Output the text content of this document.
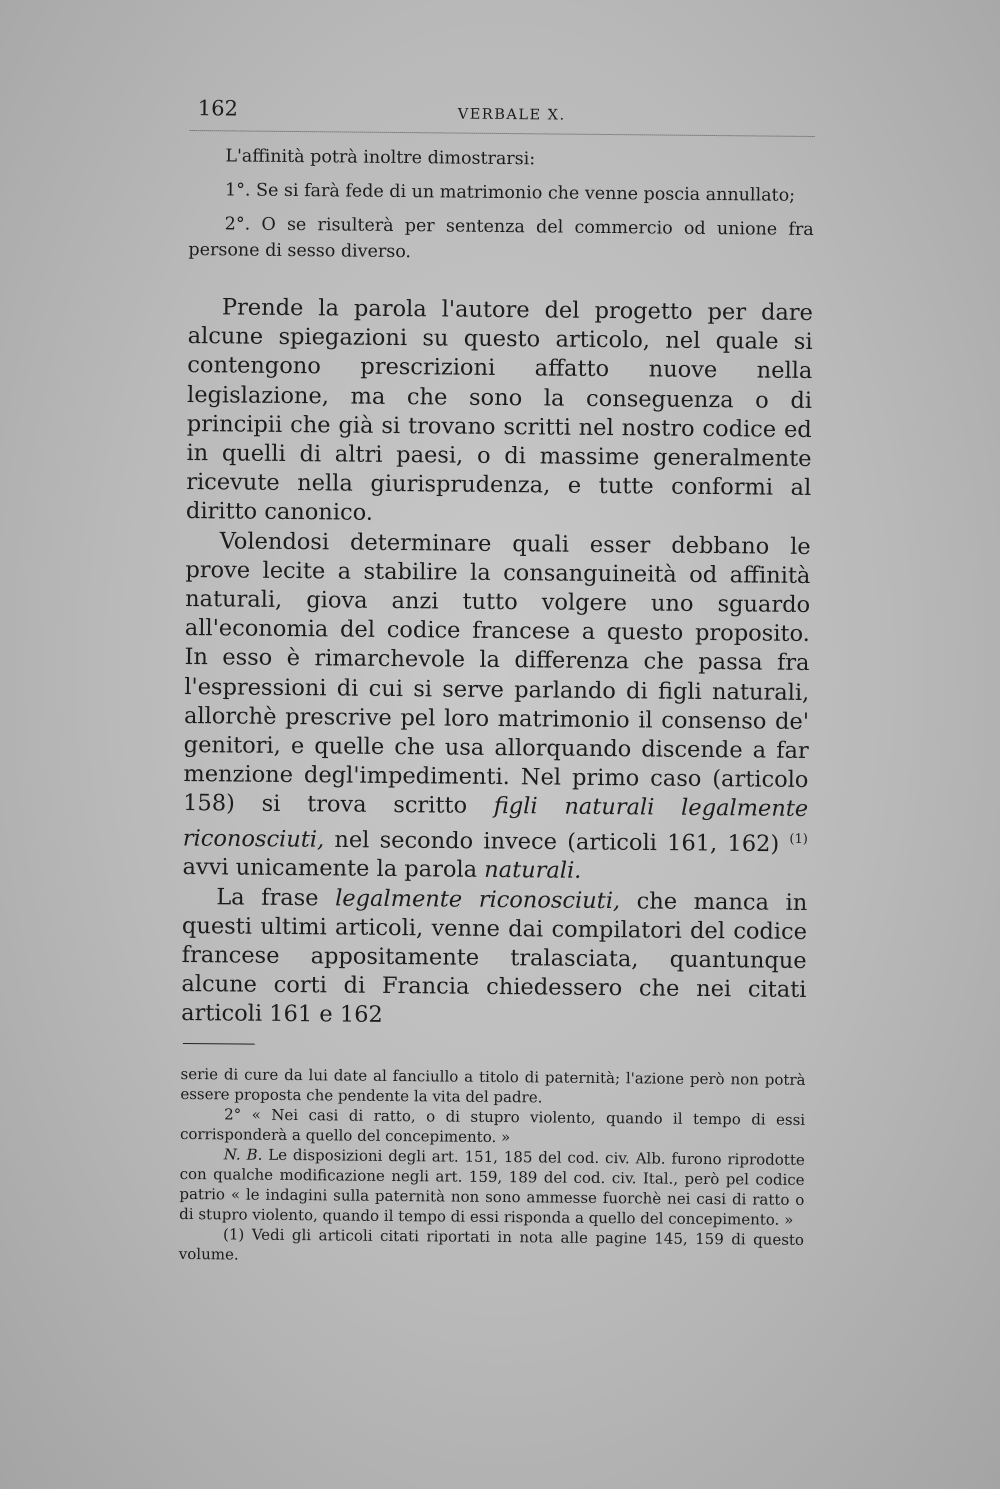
162	VERBALE X.

L'affinità potrà inoltre dimostrarsi:

1°. Se si farà fede di un matrimonio che venne poscia annullato;

2°. O se risulterà per sentenza del commercio od unione fra persone di sesso diverso.

Prende la parola l'autore del progetto per dare alcune spiegazioni su questo articolo, nel quale si contengono prescrizioni affatto nuove nella legislazione, ma che sono la conseguenza o di principii che già si trovano scritti nel nostro codice ed in quelli di altri paesi, o di massime generalmente ricevute nella giurisprudenza, e tutte conformi al diritto canonico.

Volendosi determinare quali esser debbano le prove lecite a stabilire la consanguineità od affinità naturali, giova anzi tutto volgere uno sguardo all'economia del codice francese a questo proposito. In esso è rimarchevole la differenza che passa fra l'espressioni di cui si serve parlando di figli naturali, allorchè prescrive pel loro matrimonio il consenso de' genitori, e quelle che usa allorquando discende a far menzione degl'impedimenti. Nel primo caso (articolo 158) si trova scritto figli naturali legalmente riconosciuti, nel secondo invece (articoli 161, 162) $^{(1)}$ avvi unicamente la parola naturali.

La frase legalmente riconosciuti, che manca in questi ultimi articoli, venne dai compilatori del codice francese appositamente tralasciata, quantunque alcune corti di Francia chiedessero che nei citati articoli 161 e 162

serie di cure da lui date al fanciullo a titolo di paternità; l'azione però non potrà essere proposta che pendente la vita del padre.

2° « Nei casi di ratto, o di stupro violento, quando il tempo di essi corrisponderà a quello del concepimento. »

N. B. Le disposizioni degli art. 151, 185 del cod. civ. Alb. furono riprodotte con qualche modificazione negli art. 159, 189 del cod. civ. Ital., però pel codice patrio « le indagini sulla paternità non sono ammesse fuorchè nei casi di ratto o di stupro violento, quando il tempo di essi risponda a quello del concepimento. »

(1) Vedi gli articoli citati riportati in nota alle pagine 145, 159 di questo volume.
